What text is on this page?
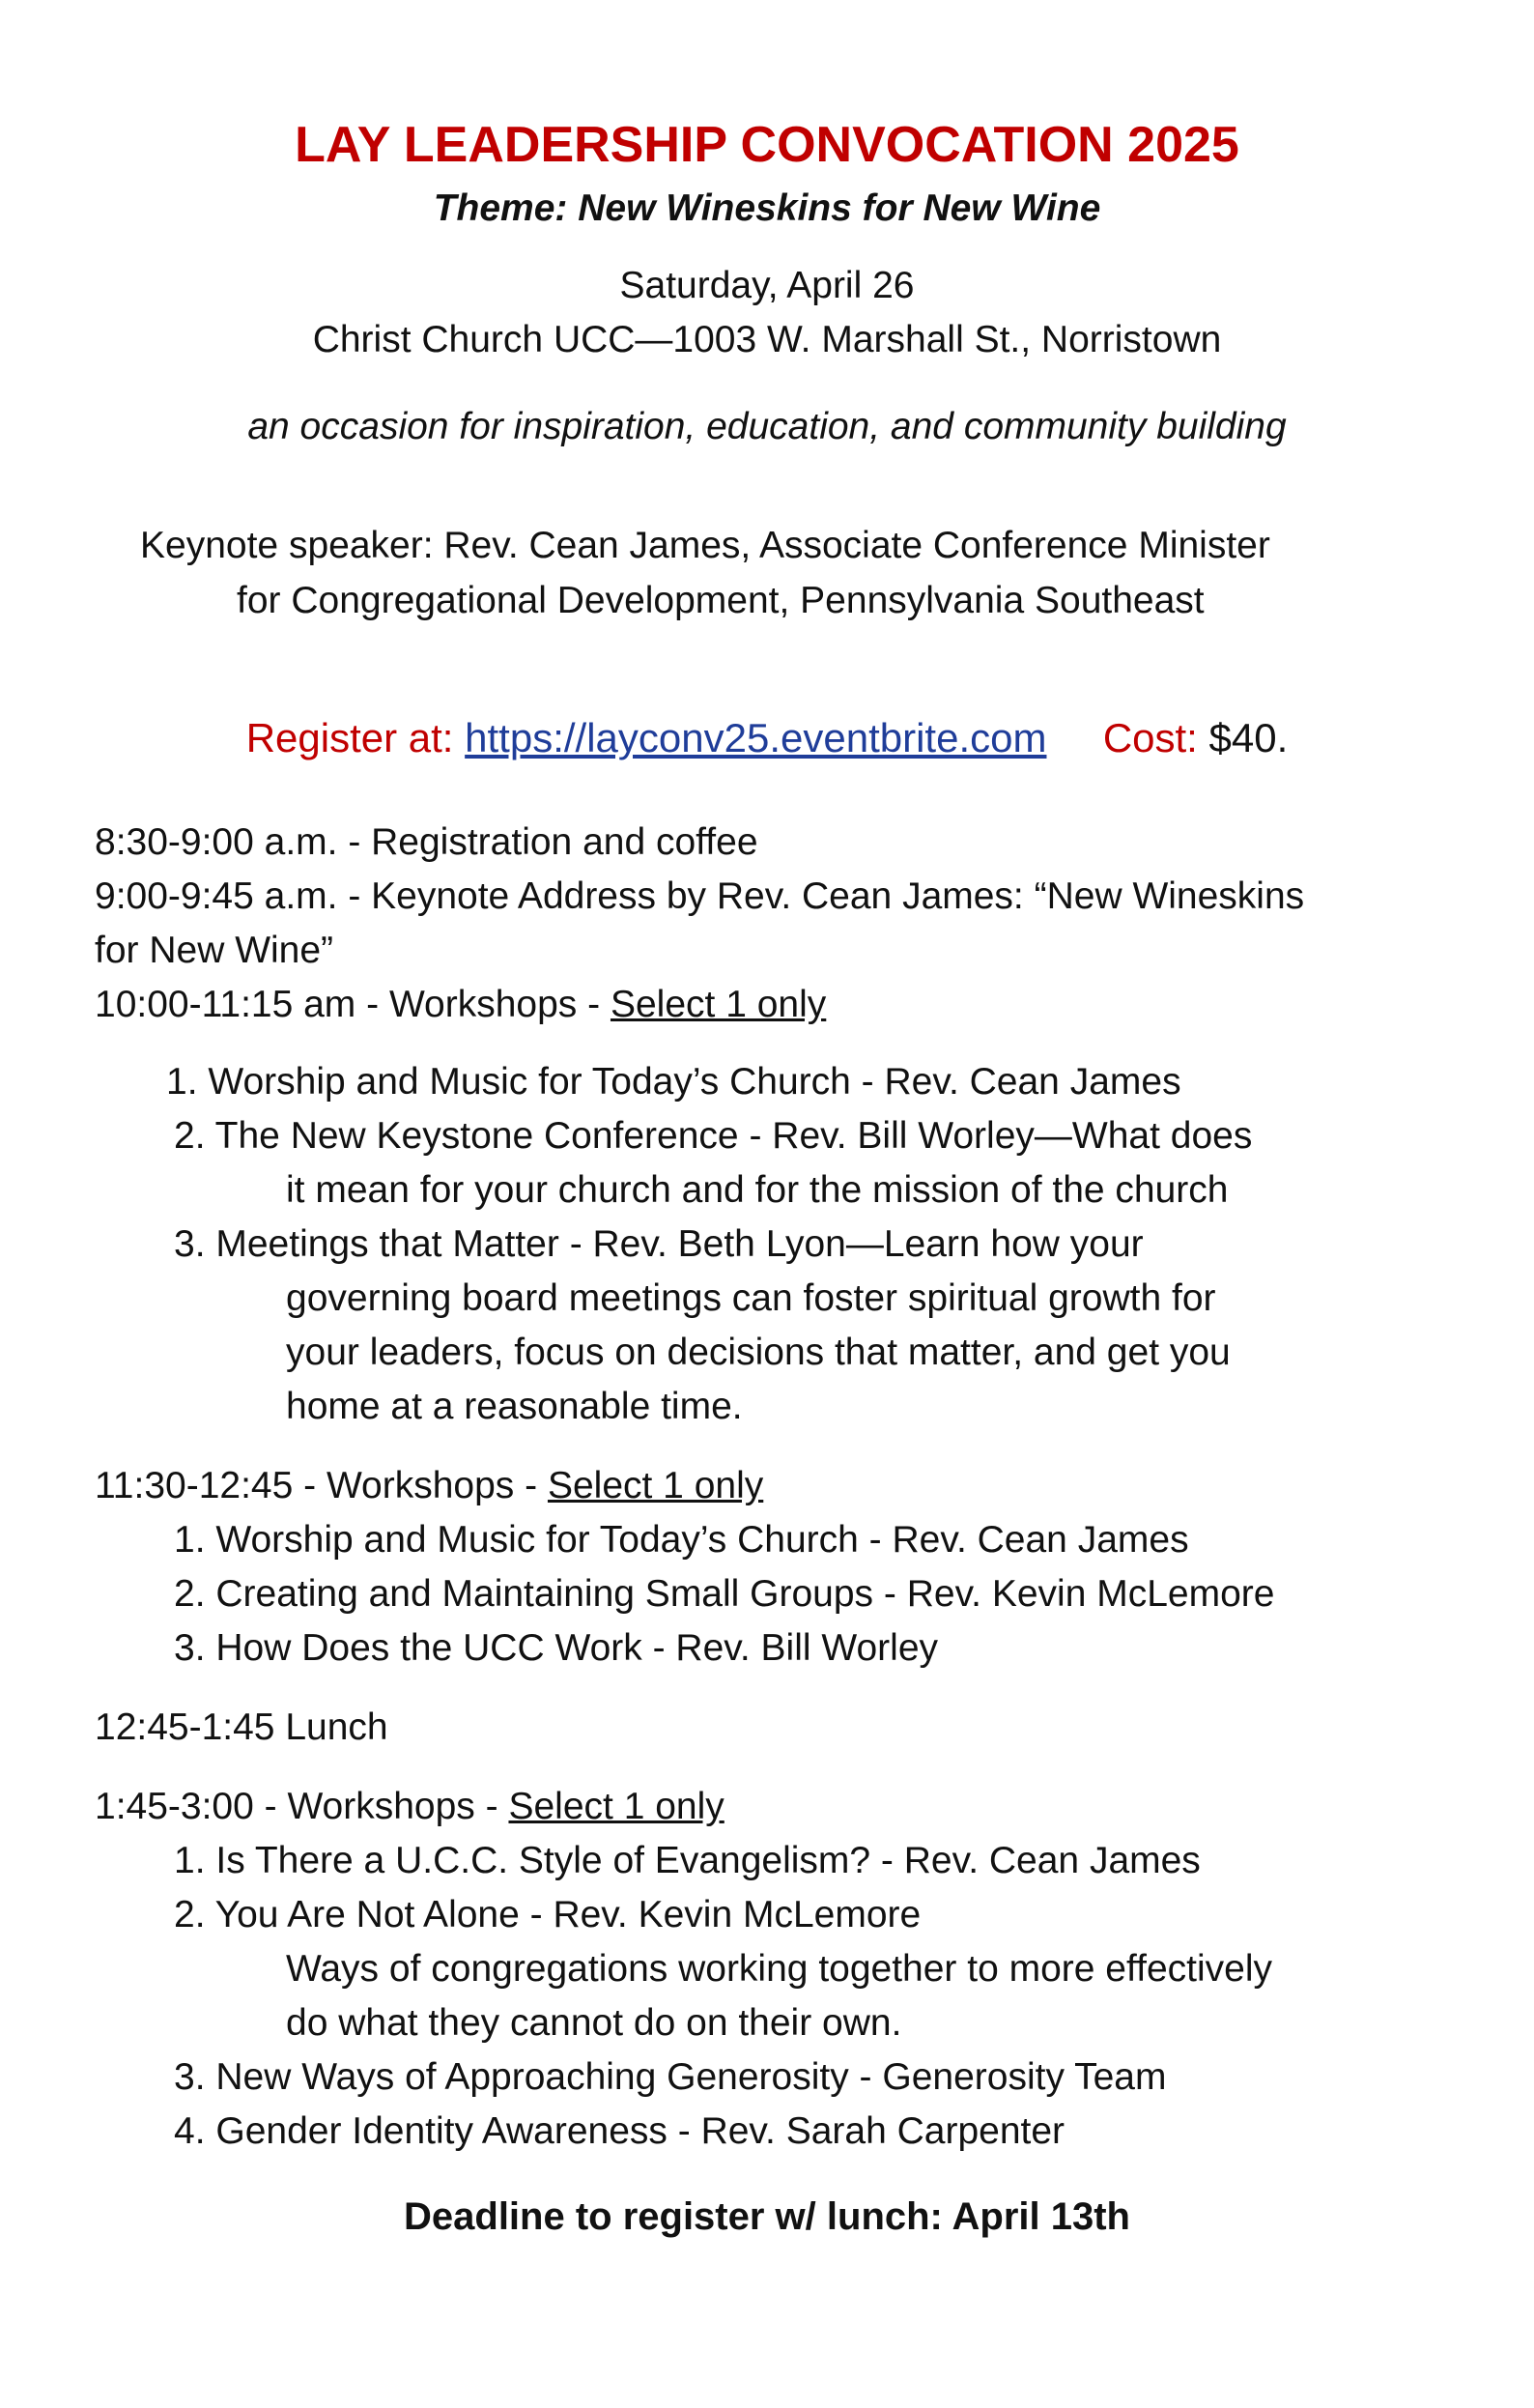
LAY LEADERSHIP CONVOCATION 2025
Theme: New Wineskins for New Wine
Saturday, April 26
Christ Church UCC—1003 W. Marshall St., Norristown
an occasion for inspiration, education, and community building
Keynote speaker: Rev. Cean James, Associate Conference Minister
for Congregational Development, Pennsylvania Southeast
Register at: https://layconv25.eventbrite.com Cost: $40.
8:30-9:00 a.m. - Registration and coffee
9:00-9:45 a.m. - Keynote Address by Rev. Cean James: “New Wineskins
for New Wine”
10:00-11:15 am - Workshops - Select 1 only
1. Worship and Music for Today’s Church - Rev. Cean James
2. The New Keystone Conference - Rev. Bill Worley—What does
it mean for your church and for the mission of the church
3. Meetings that Matter - Rev. Beth Lyon—Learn how your
governing board meetings can foster spiritual growth for
your leaders, focus on decisions that matter, and get you
home at a reasonable time.
11:30-12:45 - Workshops - Select 1 only
1. Worship and Music for Today’s Church - Rev. Cean James
2. Creating and Maintaining Small Groups - Rev. Kevin McLemore
3. How Does the UCC Work - Rev. Bill Worley
12:45-1:45 Lunch
1:45-3:00 - Workshops - Select 1 only
1. Is There a U.C.C. Style of Evangelism? - Rev. Cean James
2. You Are Not Alone - Rev. Kevin McLemore
Ways of congregations working together to more effectively
do what they cannot do on their own.
3. New Ways of Approaching Generosity - Generosity Team
4. Gender Identity Awareness - Rev. Sarah Carpenter
Deadline to register w/ lunch: April 13th
